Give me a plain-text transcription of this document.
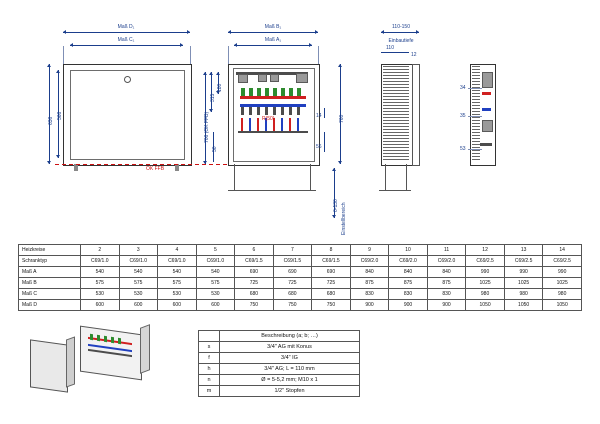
Maß D₁
Maß C₁
636
566
OK FFB
Maß B₁
Maß A₁
R(50)
180
315
706 (OK FFB)
50
14
56
760
0-130 Einstellbereich
110-150
Einbautiefe
110
12
34
35
53
Heizkreise	2	3	4	5	6	7	8	9	10	11	12	13	14
Schranktyp	C69/1.0	C69/1.0	C69/1.0	C69/1.0	C69/1.5	C69/1.5	C69/1.5	C69/2.0	C69/2.0	C69/2.0	C69/2.5	C69/2.5	C69/2.5
Maß A	540	540	540	540	690	690	690	840	840	840	990	990	990
Maß B	575	575	575	575	725	725	725	875	875	875	1025	1025	1025
Maß C	530	530	530	530	680	680	680	830	830	830	980	980	980
Maß D	600	600	600	600	750	750	750	900	900	900	1050	1050	1050
	Beschreibung (a; b; …)
s	3/4" AG mit Konus
f	3/4" IG
h	3/4" AG; L = 110 mm
n	Ø = 5-5,2 mm; M10 x 1
m	1/2" Stopfen
